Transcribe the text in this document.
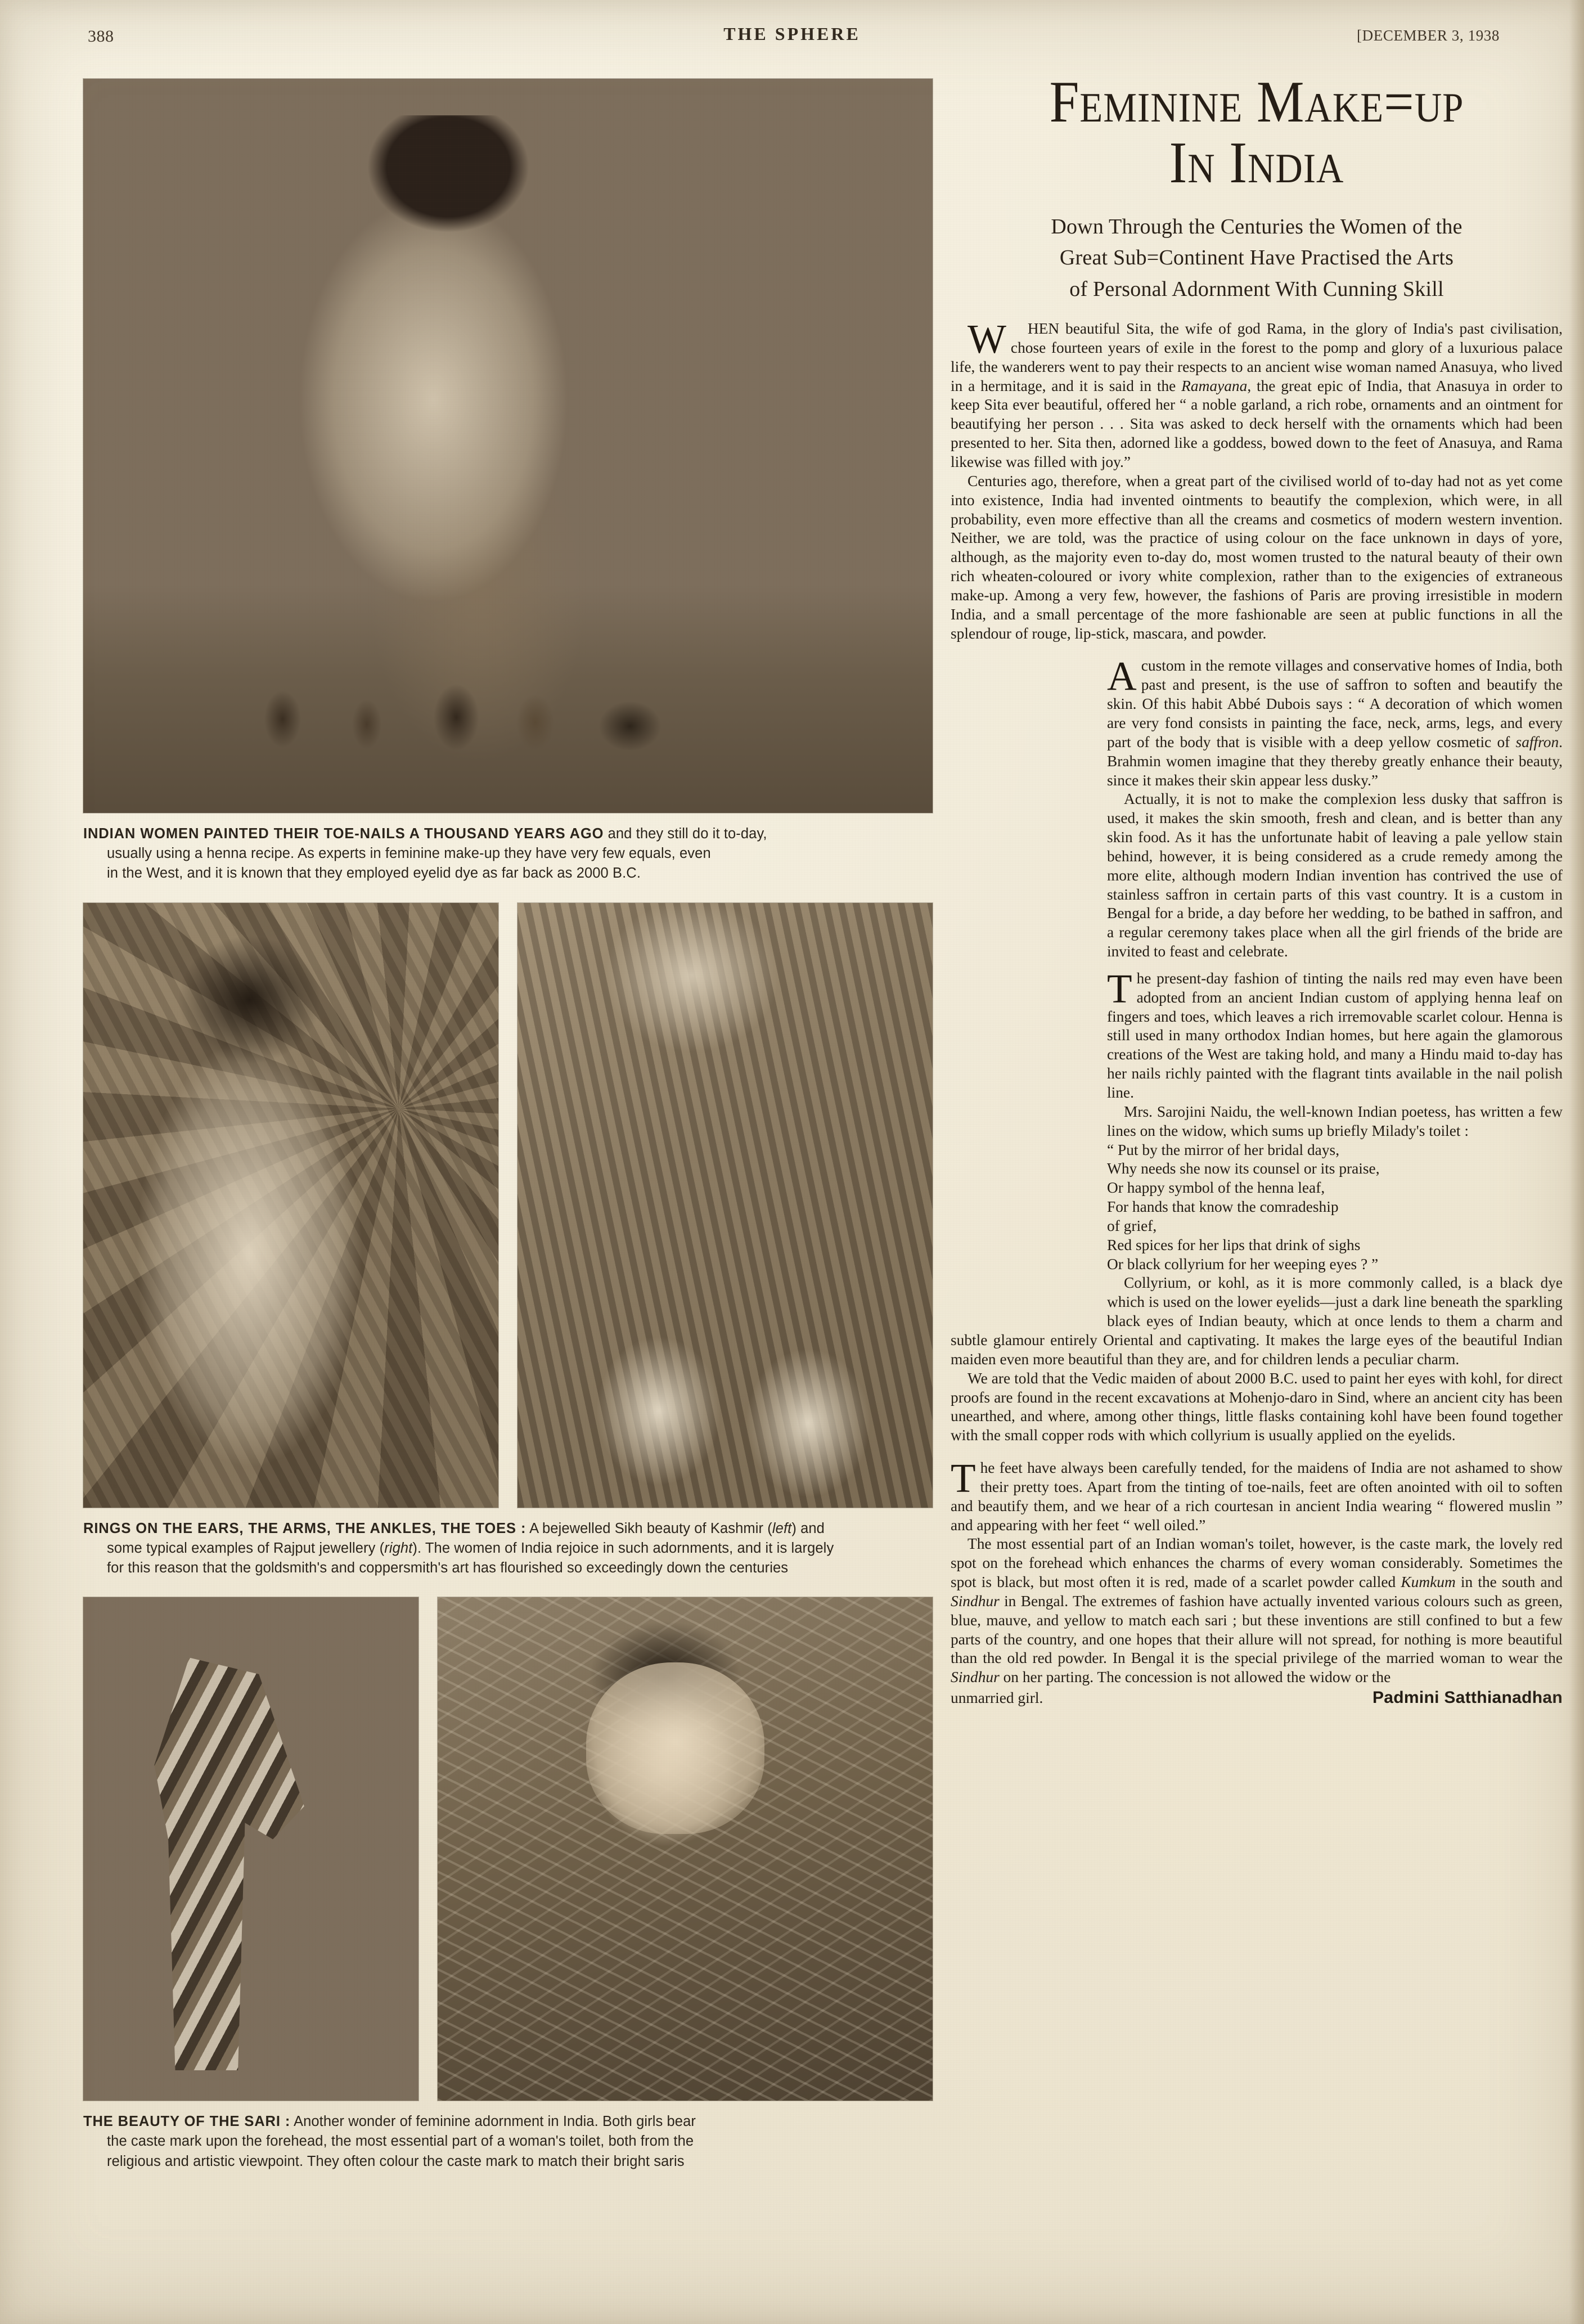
388	THE SPHERE	[DECEMBER 3, 1938
INDIAN WOMEN PAINTED THEIR TOE-NAILS A THOUSAND YEARS AGO and they still do it to-day,
usually using a henna recipe. As experts in feminine make-up they have very few equals, even
in the West, and it is known that they employed eyelid dye as far back as 2000 B.C.
RINGS ON THE EARS, THE ARMS, THE ANKLES, THE TOES : A bejewelled Sikh beauty of Kashmir (left) and
some typical examples of Rajput jewellery (right). The women of India rejoice in such adornments, and it is largely
for this reason that the goldsmith's and coppersmith's art has flourished so exceedingly down the centuries
THE BEAUTY OF THE SARI : Another wonder of feminine adornment in India. Both girls bear
the caste mark upon the forehead, the most essential part of a woman's toilet, both from the
religious and artistic viewpoint. They often colour the caste mark to match their bright saris
Feminine Make=up
In India
Down Through the Centuries the Women of the
Great Sub=Continent Have Practised the Arts
of Personal Adornment With Cunning Skill

W HEN beautiful Sita, the wife of god Rama, in the glory of India's past civilisation, chose fourteen years of exile in the forest to the pomp and glory of a luxurious palace life, the wanderers went to pay their respects to an ancient wise woman named Anasuya, who lived in a hermitage, and it is said in the Ramayana, the great epic of India, that Anasuya in order to keep Sita ever beautiful, offered her “ a noble garland, a rich robe, ornaments and an ointment for beautifying her person . . . Sita was asked to deck herself with the ornaments which had been presented to her. Sita then, adorned like a goddess, bowed down to the feet of Anasuya, and Rama likewise was filled with joy.”

Centuries ago, therefore, when a great part of the civilised world of to-day had not as yet come into existence, India had invented ointments to beautify the complexion, which were, in all probability, even more effective than all the creams and cosmetics of modern western invention. Neither, we are told, was the practice of using colour on the face unknown in days of yore, although, as the majority even to-day do, most women trusted to the natural beauty of their own rich wheaten-coloured or ivory white complexion, rather than to the exigencies of extraneous make-up. Among a very few, however, the fashions of Paris are proving irresistible in modern India, and a small percentage of the more fashionable are seen at public functions in all the splendour of rouge, lip-stick, mascara, and powder.

A custom in the remote villages and conservative homes of India, both past and present, is the use of saffron to soften and beautify the skin. Of this habit Abbé Dubois says : “ A decoration of which women are very fond consists in painting the face, neck, arms, legs, and every part of the body that is visible with a deep yellow cosmetic of saffron. Brahmin women imagine that they thereby greatly enhance their beauty, since it makes their skin appear less dusky.”

Actually, it is not to make the complexion less dusky that saffron is used, it makes the skin smooth, fresh and clean, and is better than any skin food. As it has the unfortunate habit of leaving a pale yellow stain behind, however, it is being considered as a crude remedy among the more elite, although modern Indian invention has contrived the use of stainless saffron in certain parts of this vast country. It is a custom in Bengal for a bride, a day before her wedding, to be bathed in saffron, and a regular ceremony takes place when all the girl friends of the bride are invited to feast and celebrate.

The present-day fashion of tinting the nails red may even have been adopted from an ancient Indian custom of applying henna leaf on fingers and toes, which leaves a rich irremovable scarlet colour. Henna is still used in many orthodox Indian homes, but here again the glamorous creations of the West are taking hold, and many a Hindu maid to-day has her nails richly painted with the flagrant tints available in the nail polish line.

Mrs. Sarojini Naidu, the well-known Indian poetess, has written a few lines on the widow, which sums up briefly Milady's toilet :

“ Put by the mirror of her bridal days,
Why needs she now its counsel or its praise,
Or happy symbol of the henna leaf,
For hands that know the comradeship
of grief,
Red spices for her lips that drink of sighs
Or black collyrium for her weeping eyes ? ”

Collyrium, or kohl, as it is more commonly called, is a black dye which is used on the lower eyelids—just a dark line beneath the sparkling black eyes of Indian beauty, which at once lends to them a charm and subtle glamour entirely Oriental and captivating. It makes the large eyes of the beautiful Indian maiden even more beautiful than they are, and for children lends a peculiar charm.

We are told that the Vedic maiden of about 2000 B.C. used to paint her eyes with kohl, for direct proofs are found in the recent excavations at Mohenjo-daro in Sind, where an ancient city has been unearthed, and where, among other things, little flasks containing kohl have been found together with the small copper rods with which collyrium is usually applied on the eyelids.

The feet have always been carefully tended, for the maidens of India are not ashamed to show their pretty toes. Apart from the tinting of toe-nails, feet are often anointed with oil to soften and beautify them, and we hear of a rich courtesan in ancient India wearing “ flowered muslin ” and appearing with her feet “ well oiled.”

The most essential part of an Indian woman's toilet, however, is the caste mark, the lovely red spot on the forehead which enhances the charms of every woman considerably. Sometimes the spot is black, but most often it is red, made of a scarlet powder called Kumkum in the south and Sindhur in Bengal. The extremes of fashion have actually invented various colours such as green, blue, mauve, and yellow to match each sari ; but these inventions are still confined to but a few parts of the country, and one hopes that their allure will not spread, for nothing is more beautiful than the old red powder. In Bengal it is the special privilege of the married woman to wear the Sindhur on her parting. The concession is not allowed the widow or the

unmarried girl.	Padmini Satthianadhan
